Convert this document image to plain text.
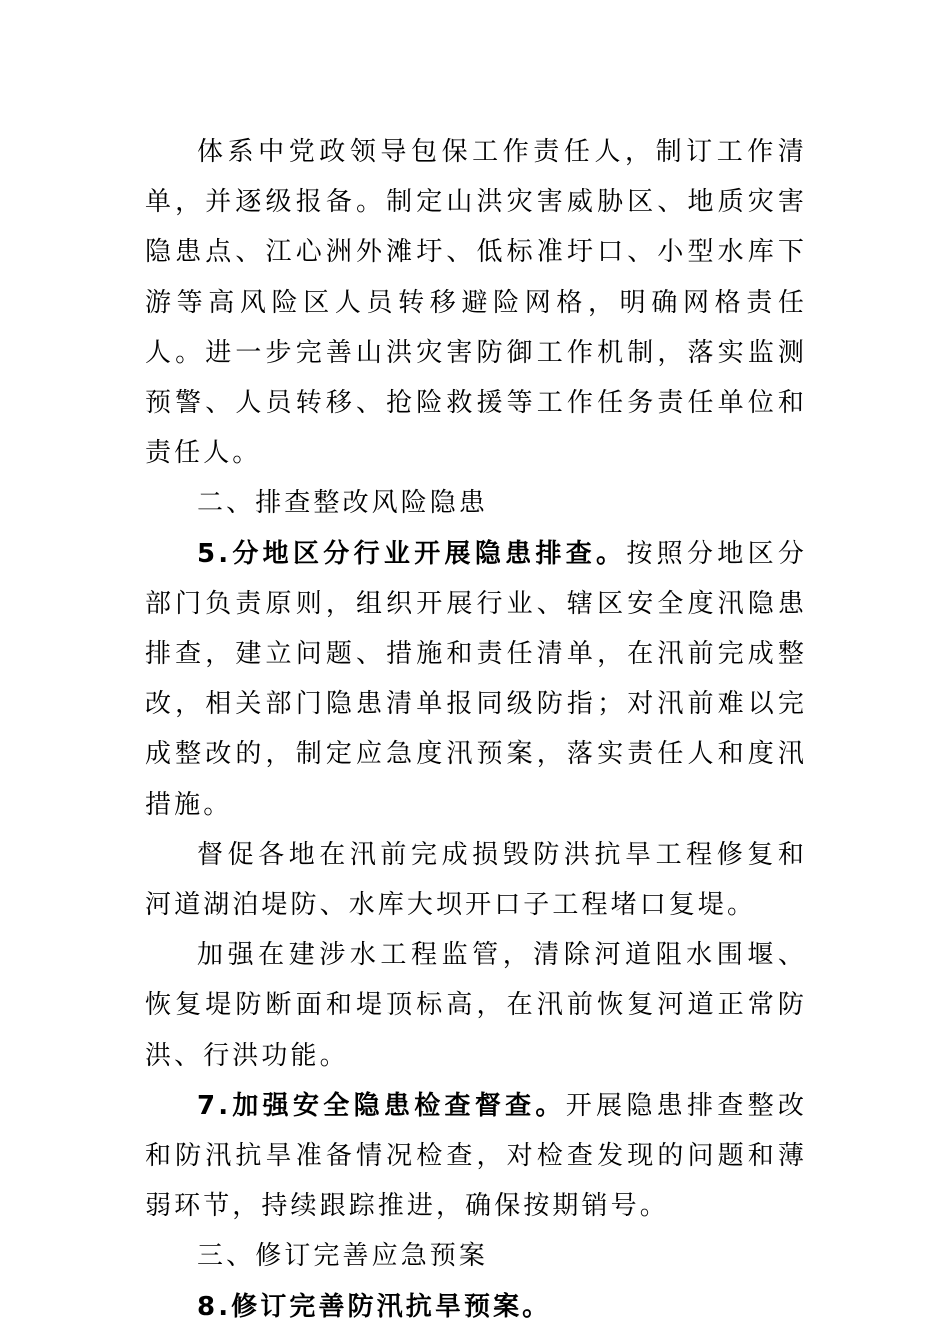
体系中党政领导包保工作责任人，制订工作清单，并逐级报备。制定山洪灾害威胁区、地质灾害隐患点、江心洲外滩圩、低标准圩口、小型水库下游等高风险区人员转移避险网格，明确网格责任人。进一步完善山洪灾害防御工作机制，落实监测预警、人员转移、抢险救援等工作任务责任单位和责任人。

二、排查整改风险隐患

5.分地区分行业开展隐患排查。按照分地区分部门负责原则，组织开展行业、辖区安全度汛隐患排查，建立问题、措施和责任清单，在汛前完成整改，相关部门隐患清单报同级防指；对汛前难以完成整改的，制定应急度汛预案，落实责任人和度汛措施。

督促各地在汛前完成损毁防洪抗旱工程修复和河道湖泊堤防、水库大坝开口子工程堵口复堤。

加强在建涉水工程监管，清除河道阻水围堰、恢复堤防断面和堤顶标高，在汛前恢复河道正常防洪、行洪功能。

7.加强安全隐患检查督查。开展隐患排查整改和防汛抗旱准备情况检查，对检查发现的问题和薄弱环节，持续跟踪推进，确保按期销号。

三、修订完善应急预案

8.修订完善防汛抗旱预案。
